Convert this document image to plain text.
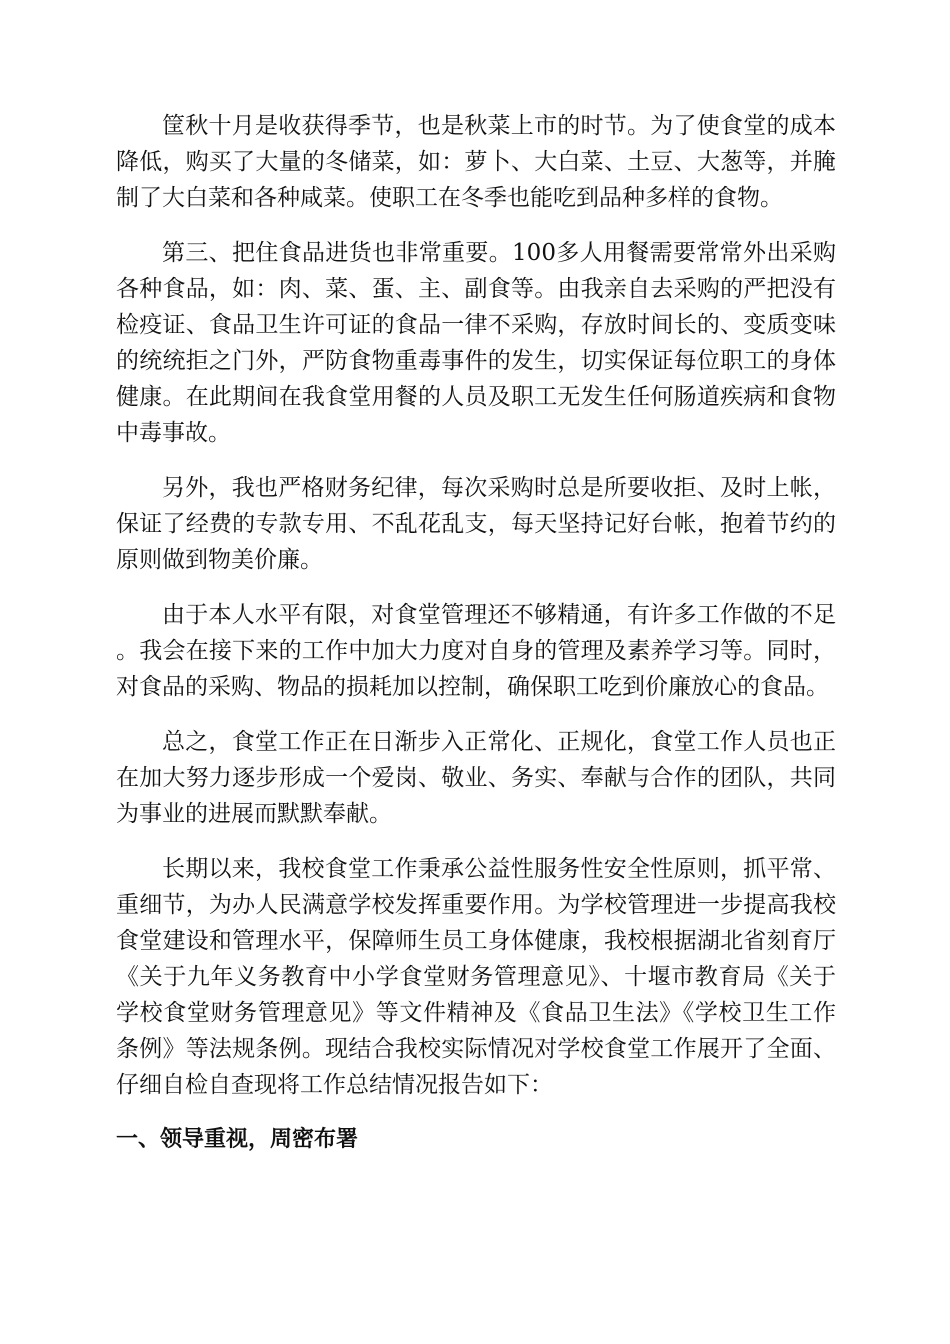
筐秋十月是收获得季节，也是秋菜上市的时节。为了使食堂的成本降低，购买了大量的冬储菜，如：萝卜、大白菜、土豆、大葱等，并腌制了大白菜和各种咸菜。使职工在冬季也能吃到品种多样的食物。

第三、把住食品进货也非常重要。100多人用餐需要常常外出采购各种食品，如：肉、菜、蛋、主、副食等。由我亲自去采购的严把没有检疫证、食品卫生许可证的食品一律不采购，存放时间长的、变质变味的统统拒之门外，严防食物重毒事件的发生，切实保证每位职工的身体健康。在此期间在我食堂用餐的人员及职工无发生任何肠道疾病和食物中毒事故。

另外，我也严格财务纪律，每次采购时总是所要收拒、及时上帐，保证了经费的专款专用、不乱花乱支，每天坚持记好台帐，抱着节约的原则做到物美价廉。

由于本人水平有限，对食堂管理还不够精通，有许多工作做的不足。我会在接下来的工作中加大力度对自身的管理及素养学习等。同时，对食品的采购、物品的损耗加以控制，确保职工吃到价廉放心的食品。

总之，食堂工作正在日渐步入正常化、正规化，食堂工作人员也正在加大努力逐步形成一个爱岗、敬业、务实、奉献与合作的团队，共同为事业的进展而默默奉献。

长期以来，我校食堂工作秉承公益性服务性安全性原则，抓平常、重细节，为办人民满意学校发挥重要作用。为学校管理进一步提高我校食堂建设和管理水平，保障师生员工身体健康，我校根据湖北省刻育厅《关于九年义务教育中小学食堂财务管理意见》、十堰市教育局《关于学校食堂财务管理意见》等文件精神及《食品卫生法》《学校卫生工作条例》等法规条例。现结合我校实际情况对学校食堂工作展开了全面、仔细自检自查现将工作总结情况报告如下：

一、领导重视，周密布署
